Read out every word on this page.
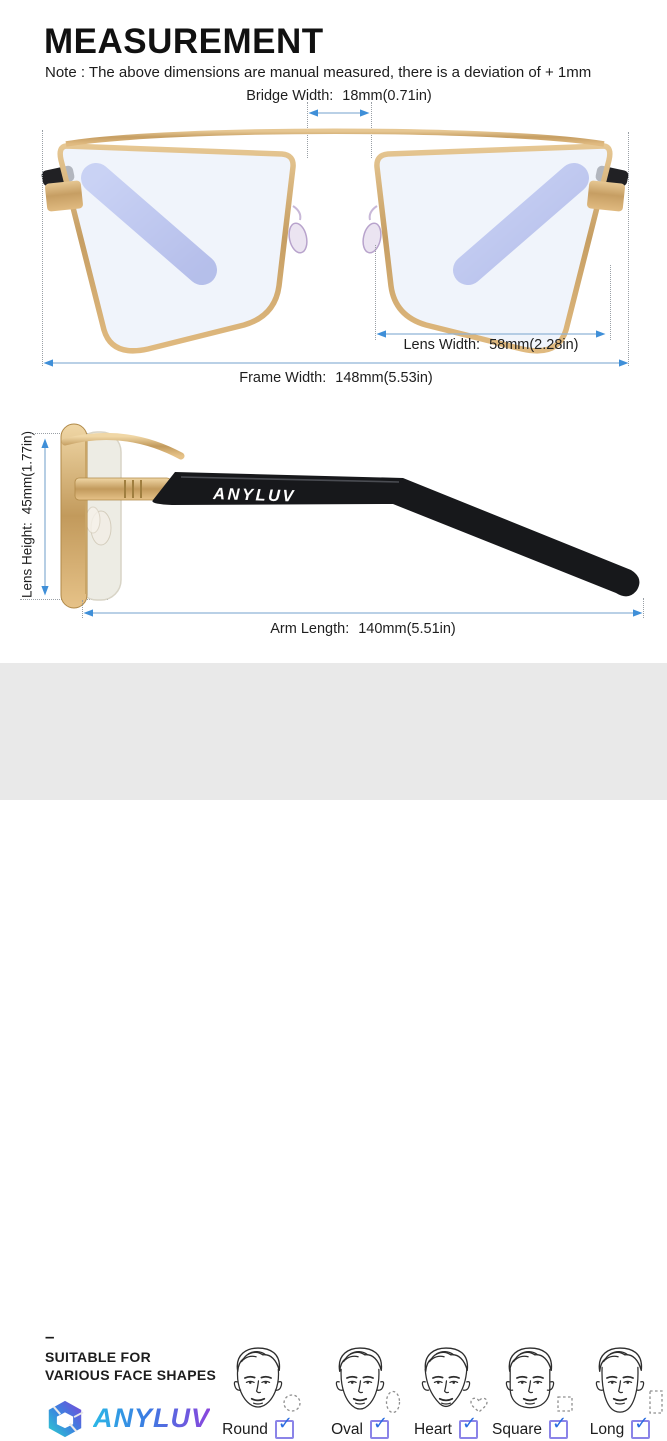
MEASUREMENT
Note : The above dimensions are manual measured, there is a deviation of + 1mm
Bridge Width: 18mm(0.71in)
Lens Width: 58mm(2.28in)
Frame Width: 148mm(5.53in)
Lens Height:45mm(1.77in)	ANYLUV
Arm Length: 140mm(5.51in)
–
SUITABLE FOR
VARIOUS FACE SHAPES
ANYLUV Round ✓ Oval ✓ Heart ✓ Square ✓ Long ✓
